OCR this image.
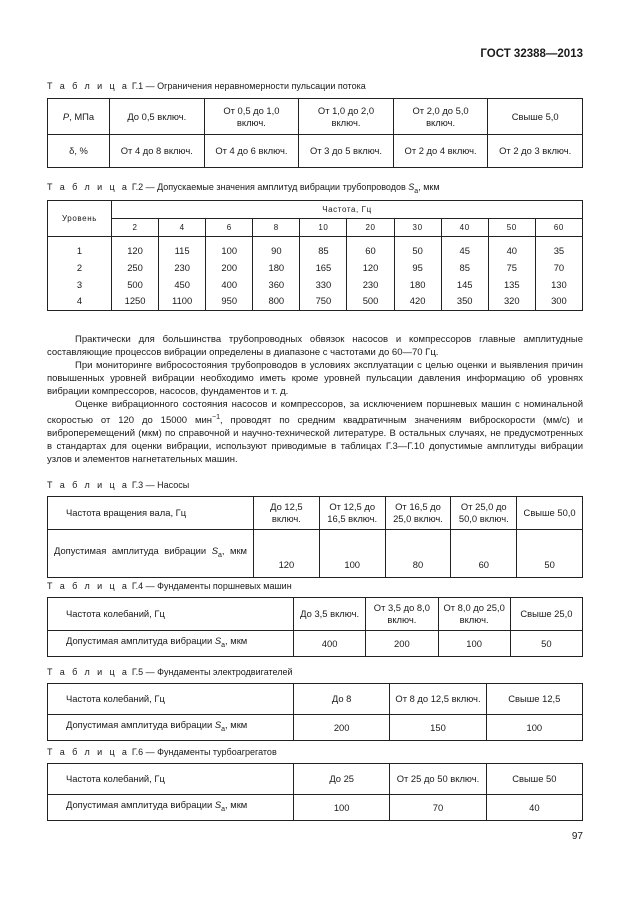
ГОСТ 32388—2013
Т а б л и ц а Г.1 — Ограничения неравномерности пульсации потока
P, МПа	До 0,5 включ.	От 0,5 до 1,0 включ.	От 1,0 до 2,0 включ.	От 2,0 до 5,0 включ.	Свыше 5,0
δ, %	От 4 до 8 включ.	От 4 до 6 включ.	От 3 до 5 включ.	От 2 до 4 включ.	От 2 до 3 включ.
Т а б л и ц а Г.2 — Допускаемые значения амплитуд вибрации трубопроводов $S_a$, мкм
Уровень	Частота, Гц									
	2	4	6	8	10	20	30	40	50	60

1	120	115	100	90	85	60	50	45	40	35
2	250	230	200	180	165	120	95	85	75	70
3	500	450	400	360	330	230	180	145	135	130
4	1250	1100	950	800	750	500	420	350	320	300

Практически для большинства трубопроводных обвязок насосов и компрессоров главные амплитудные составляющие процессов вибрации определены в диапазоне с частотами до 60—70 Гц.

При мониторинге вибросостояния трубопроводов в условиях эксплуатации с целью оценки и выявления причин повышенных уровней вибрации необходимо иметь кроме уровней пульсации давления информацию об уровнях вибрации компрессоров, насосов, фундаментов и т. д.

Оценке вибрационного состояния насосов и компрессоров, за исключением поршневых машин с номинальной скоростью от 120 до 15000 мин$^{-1}$, проводят по средним квадратичным значениям виброскорости (мм/с) и виброперемещений (мкм) по справочной и научно-технической литературе. В остальных случаях, не предусмотренных в стандартах для оценки вибрации, используют приводимые в таблицах Г.3—Г.10 допустимые амплитуды вибрации узлов и элементов нагнетательных машин.

Т а б л и ц а Г.3 — Насосы
Частота вращения вала, Гц	До 12,5 включ.	От 12,5 до 16,5 включ.	От 16,5 до 25,0 включ.	От 25,0 до 50,0 включ.	Свыше 50,0
Допустимая амплитуда вибрации $S_a$, мкм	120	100	80	60	50
Т а б л и ц а Г.4 — Фундаменты поршневых машин
Частота колебаний, Гц	До 3,5 включ.	От 3,5 до 8,0 включ.	От 8,0 до 25,0 включ.	Свыше 25,0
Допустимая амплитуда вибрации $S_a$, мкм	400	200	100	50
Т а б л и ц а Г.5 — Фундаменты электродвигателей
Частота колебаний, Гц	До 8	От 8 до 12,5 включ.	Свыше 12,5
Допустимая амплитуда вибрации $S_a$, мкм	200	150	100
Т а б л и ц а Г.6 — Фундаменты турбоагрегатов
Частота колебаний, Гц	До 25	От 25 до 50 включ.	Свыше 50
Допустимая амплитуда вибрации $S_a$, мкм	100	70	40
97
